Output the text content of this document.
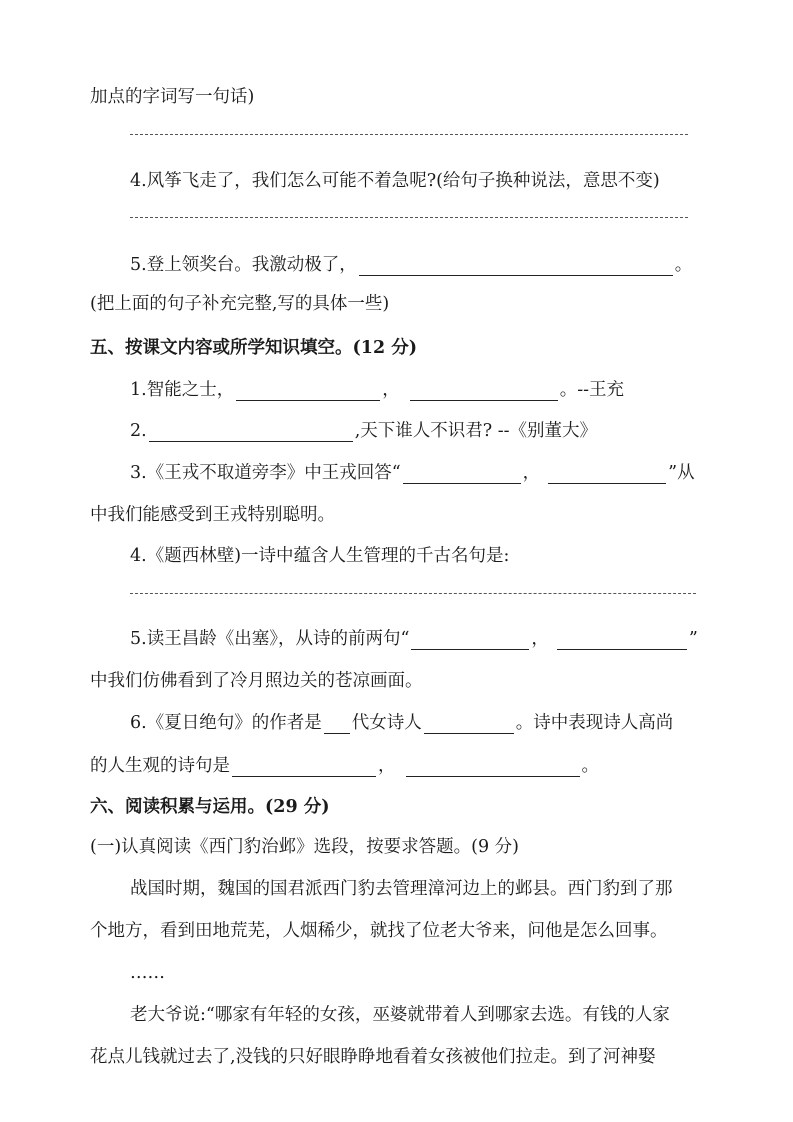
加点的字词写一句话)
4.风筝飞走了，我们怎么可能不着急呢?(给句子换种说法，意思不变)
5.登上领奖台。我激动极了，	。
(把上面的句子补充完整,写的具体一些)
五、按课文内容或所学知识填空。(12 分)
1.智能之士，	，	。--王充
2.	,天下谁人不识君? --《别董大》
3.《王戎不取道旁李》中王戎回答“	，	”从
中我们能感受到王戎特别聪明。
4.《题西林壁)一诗中蕴含人生管理的千古名句是:
5.读王昌龄《出塞》，从诗的前两句“	，	”
中我们仿佛看到了冷月照边关的苍凉画面。
6.《夏日绝句》的作者是 代女诗人	。诗中表现诗人高尚
的人生观的诗句是	，	。
六、阅读积累与运用。(29 分)
(一)认真阅读《西门豹治邺》选段，按要求答题。(9 分)
战国时期，魏国的国君派西门豹去管理漳河边上的邺县。西门豹到了那
个地方，看到田地荒芜，人烟稀少，就找了位老大爷来，问他是怎么回事。
……
老大爷说:“哪家有年轻的女孩，巫婆就带着人到哪家去选。有钱的人家
花点儿钱就过去了,没钱的只好眼睁睁地看着女孩被他们拉走。到了河神娶
